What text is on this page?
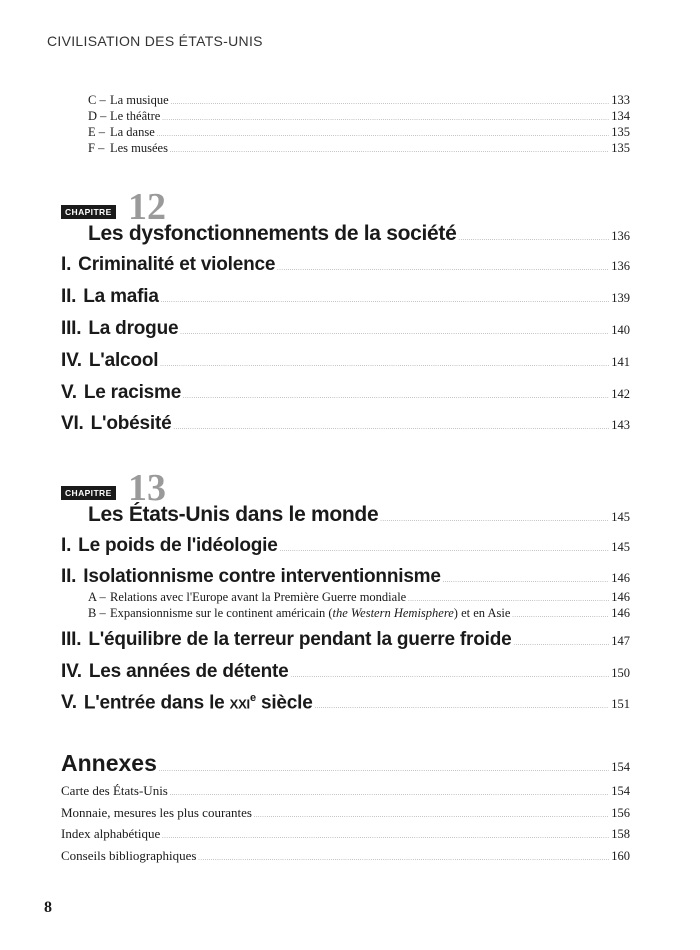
CIVILISATION DES ÉTATS-UNIS
C – La musique . . .	133
D – Le théâtre . . .	134
E – La danse . . .	135
F – Les musées . . .	135
CHAPITRE 12
Les dysfonctionnements de la société . . .	136
I. Criminalité et violence . . .	136
II. La mafia . . .	139
III. La drogue . . .	140
IV. L'alcool . . .	141
V. Le racisme . . .	142
VI. L'obésité . . .	143
CHAPITRE 13
Les États-Unis dans le monde . . .	145
I. Le poids de l'idéologie . . .	145
II. Isolationnisme contre interventionnisme . . .	146
A – Relations avec l'Europe avant la Première Guerre mondiale . . .	146
B – Expansionnisme sur le continent américain (the Western Hemisphere) et en Asie . . .	146
III. L'équilibre de la terreur pendant la guerre froide . . .	147
IV. Les années de détente . . .	150
V. L'entrée dans le xxi$^e$ siècle . . .	151
Annexes . . .	154
Carte des États-Unis . . .	154
Monnaie, mesures les plus courantes . . .	156
Index alphabétique . . .	158
Conseils bibliographiques . . .	160
8
